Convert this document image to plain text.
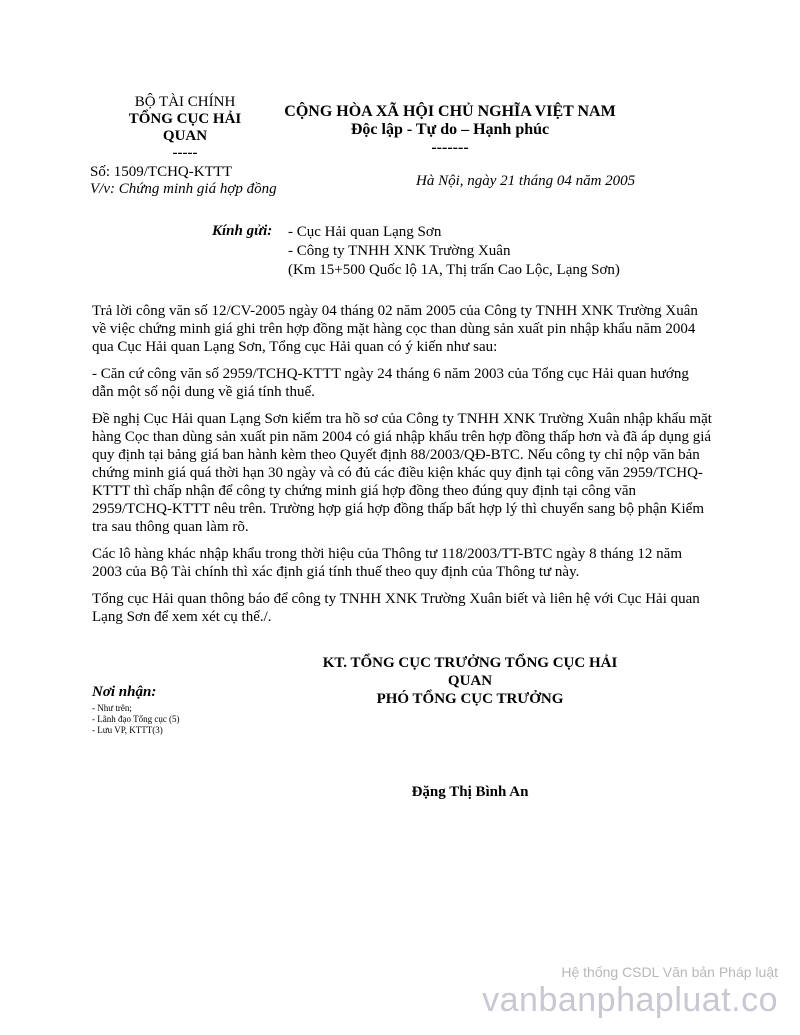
BỘ TÀI CHÍNH
TỔNG CỤC HẢI
QUAN
-----
Số: 1509/TCHQ-KTTT
V/v: Chứng minh giá hợp đồng
CỘNG HÒA XÃ HỘI CHỦ NGHĨA VIỆT NAM
Độc lập - Tự do – Hạnh phúc
-------
Hà Nội, ngày 21 tháng 04 năm 2005
Kính gửi: - Cục Hải quan Lạng Sơn
- Công ty TNHH XNK Trường Xuân
(Km 15+500 Quốc lộ 1A, Thị trấn Cao Lộc, Lạng Sơn)

Trả lời công văn số 12/CV-2005 ngày 04 tháng 02 năm 2005 của Công ty TNHH XNK Trường Xuân về việc chứng minh giá ghi trên hợp đồng mặt hàng cọc than dùng sản xuất pin nhập khẩu năm 2004 qua Cục Hải quan Lạng Sơn, Tổng cục Hải quan có ý kiến như sau:

- Căn cứ công văn số 2959/TCHQ-KTTT ngày 24 tháng 6 năm 2003 của Tổng cục Hải quan hướng dẫn một số nội dung về giá tính thuế.

Đề nghị Cục Hải quan Lạng Sơn kiểm tra hồ sơ của Công ty TNHH XNK Trường Xuân nhập khẩu mặt hàng Cọc than dùng sản xuất pin năm 2004 có giá nhập khẩu trên hợp đồng thấp hơn và đã áp dụng giá quy định tại bảng giá ban hành kèm theo Quyết định 88/2003/QĐ-BTC. Nếu công ty chỉ nộp văn bản chứng minh giá quá thời hạn 30 ngày và có đủ các điều kiện khác quy định tại công văn 2959/TCHQ-KTTT thì chấp nhận để công ty chứng minh giá hợp đồng theo đúng quy định tại công văn 2959/TCHQ-KTTT nêu trên. Trường hợp giá hợp đồng thấp bất hợp lý thì chuyển sang bộ phận Kiểm tra sau thông quan làm rõ.

Các lô hàng khác nhập khẩu trong thời hiệu của Thông tư 118/2003/TT-BTC ngày 8 tháng 12 năm 2003 của Bộ Tài chính thì xác định giá tính thuế theo quy định của Thông tư này.

Tổng cục Hải quan thông báo để công ty TNHH XNK Trường Xuân biết và liên hệ với Cục Hải quan Lạng Sơn để xem xét cụ thể./.

KT. TỔNG CỤC TRƯỞNG TỔNG CỤC HẢI
QUAN
PHÓ TỔNG CỤC TRƯỞNG
Đặng Thị Bình An
Nơi nhận:
- Như trên;
- Lãnh đạo Tổng cục (5)
- Lưu VP, KTTT(3)
Hệ thống CSDL Văn bản Pháp luật
vanbanphapluat.co
